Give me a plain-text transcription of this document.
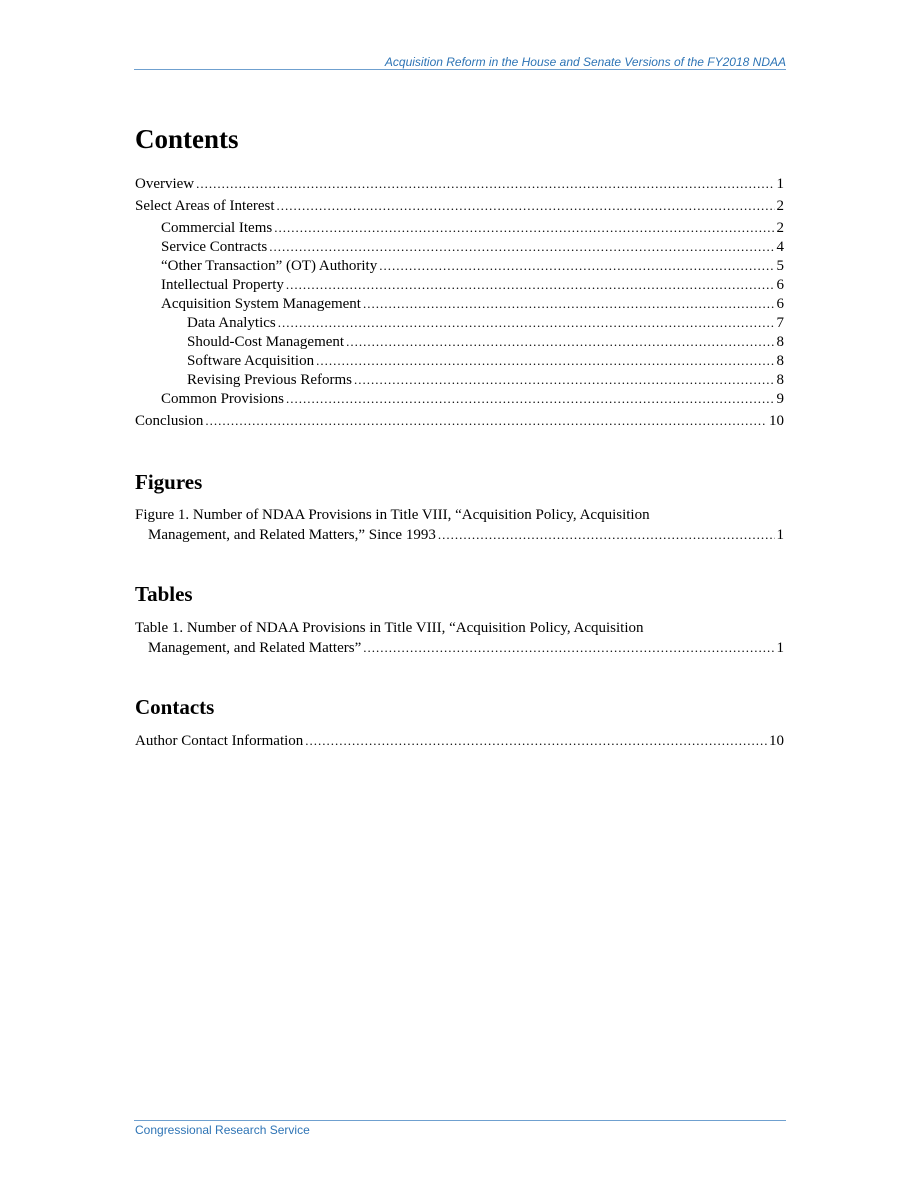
Acquisition Reform in the House and Senate Versions of the FY2018 NDAA
Contents
Overview .....	1
Select Areas of Interest .....	2
Commercial Items .....	2
Service Contracts .....	4
“Other Transaction” (OT) Authority .....	5
Intellectual Property .....	6
Acquisition System Management .....	6
Data Analytics .....	7
Should-Cost Management .....	8
Software Acquisition .....	8
Revising Previous Reforms .....	8
Common Provisions .....	9
Conclusion .....	10
Figures
Figure 1. Number of NDAA Provisions in Title VIII, “Acquisition Policy, Acquisition
Management, and Related Matters,” Since 1993 .....	1
Tables
Table 1. Number of NDAA Provisions in Title VIII, “Acquisition Policy, Acquisition
Management, and Related Matters” .....	1
Contacts
Author Contact Information .....	10
Congressional Research Service
